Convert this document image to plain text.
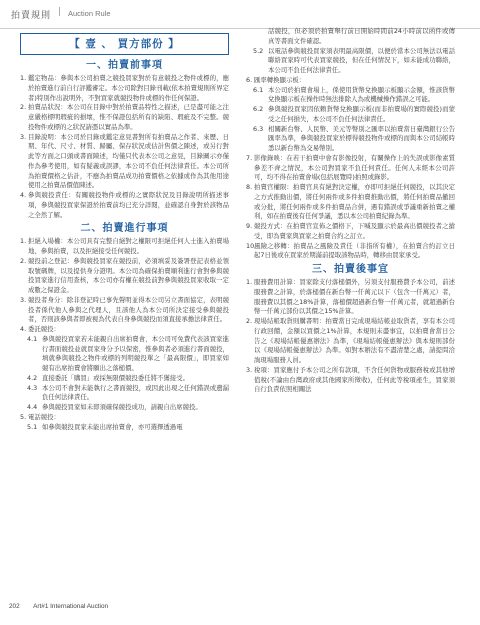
拍賣規則 | Auction Rule
【 壹 、 買方部份 】
一、拍賣前事項
1. 鑑定物品：參與本公司拍賣之競投買家對於有意競投之物件或標的，應於拍賣進行前自行評鑑審定。本公司除對目錄刊載(依本拍賣規則所界定者)特別作出說明外，不對買家就競投物件或標的作任何保證。
2. 拍賣品狀況：本公司在目錄中對於拍賣品特性之描述，已是盡可能之注意嚴格標明瑕疵的損壞，惟不保證包括所有的缺陷、瑕疵及不完整。競投物件或標的之狀況請憑以實品為準。
3. 目錄說明：本公司於目錄或鑑定意見書對所有拍賣品之作者、來歷、日期、年代、尺寸、材質、歸屬、保存狀況或估計售價之陳述，或另行對此等方面之口頭或書面陳述，均僅只代表本公司之意見，目錄圖示亦僅作為參考使用，如有疑義或誤謬，本公司不負任何法律責任。本公司所為拍賣價格之估計，不應為拍賣品成功拍賣價格之依據或作為其他用途使用之拍賣品價值陳述。
4. 參與競投責任：有關競投物件或標的之實際狀況及目錄說明所描述事項，參與競投買家保證於拍賣前均已充分詳閱，並確認自身對於該物品之全然了解。
二、拍賣進行事項
1. 拒絕入場權：本公司具有完整自絕對之權限可拒絕任何人士進入拍賣場地、參與拍賣，以及拒絕接受任何競投。
2. 競投前之登記：參與競投買家在競投前，必須填妥及簽署登記表格並領取號碼牌，以及提供身分證明。本公司為確保拍賣順利進行會對參與競投買家進行信用查核，本公司亦有權在競投前對參與競投買家收取一定成數之保證金。
3. 競投者身分：除非登記時已事先聲明並得本公司另立書面協定，表明競投者係代他人參與之代理人，且該他人為本公司所決定接受參與競投者，否則該參與者即被視為代表自身參與競投而須直接承擔法律責任。
4. 委託競投：
4.1 參與競投買家若未能親自出席拍賣會，本公司可免費代表該買家進行書面競投並就買家身分予以保密，惟參與者必須進行書面競投，填就參與競投之物件或標的列明競投單之「最高限價」，即買家如競有出席拍賣會將願出之落槌價。
4.2 直接委託「購買」或採無限價競投委任將不獲接受。
4.3 本公司不會對未能執行之書面競投，或因此出現之任何錯誤或遺漏負任何法律責任。
4.4 參與競投買家如未即須確保競投成功，請親自出席競投。
5. 電話競投：
5.1 如參與競投買家未能出席拍賣會，亦可選擇透過電
話競投，但必須於拍賣舉行前日開始時間前24小時前以函件或傳真等書面文件確認。
5.2 以電話參與競投買家須表明最高限價，以便於當本公司無法以電話聯絡買家時可代表買家競投，但在任何情況下，如未能成功聯絡，本公司不負任何法律責任。
6. 匯率轉換顯示板：
6.1 本公司於拍賣會場上，係使用貨幣兌換顯示板顯示金額，惟該貨幣兌換顯示板在操作時無法排除人為或機械操作錯誤之可能。
6.2 參與競投買家因依賴貨幣兌換顯示板(而非拍賣場的實際競投)而蒙受之任何損失，本公司不負任何法律責任。
6.3 相關新台幣、人民幣、美元等幣別之匯率以拍賣當日臺灣銀行公告匯率為準，參與競投買家於標得競投物件或標的而與本公司結帳時悉以新台幣為交易幣別。
7. 影像錄映：在若干拍賣中會有影像投射，有關操作上的失誤或影像素質參差不齊之情況，本公司對買家不負任何責任。任何人未經本公司許可，均不得在拍賣會場(包括展覽時)拍照或錄影。
8. 拍賣官權限：拍賣官具有絕對決定權，亦即可拒絕任何競投，以其決定之方式推動出價，將任何兩件或多件拍賣推動出價，將任何拍賣品撤回或分批，將任何兩件或多件拍賣品合併，遇有錯誤或爭議重新拍賣之權利，如在拍賣後有任何爭議，悉以本公司拍賣紀錄為準。
9. 競投方式：在拍賣官宣佈之價格下，下喊及顯示於最高出價競投者之搶受，即為賣家與買家之拍賣合約之訂立。
10.
風險之移轉：拍賣品之風險及責任（非指所有權），在拍賣合約訂立日起7日後或在買家於期滿前提取該物品時，轉移由買家承受。
三、拍賣後事宜
1. 服務費用計算：買家除支付落槌價外，另須支付服務費予本公司，前述服務費之計算，於落槌價在新台幣一仟萬元以下（包含一仟萬元）者，服務費以其價之18%計算，落槌價超過新台幣一仟萬元者，就超過新台幣一仟萬元部份以其價之15%計算。
2. 現場結帳取貨則購書明：拍賣當日完成現場結帳並取貨者，享有本公司行政回饋，金額以買價之1%計算，本規則未盡事宜，以拍賣會當日公告之《現場結帳優惠辦法》為準，《現場結帳優惠辦法》與本規則部份以《現場結帳優惠辦法》為準。如對本辦法有不盡清楚之處，請提問洽詢現場服務人員。
3. 稅項：買家應付予本公司之所有款項，不含任何貨物或服務稅或其他增值稅(不論由台灣政府或其他國家所徵收)，任何此等稅項產生，買家須自行負責依照相關法
202 Art#1 International Auction
